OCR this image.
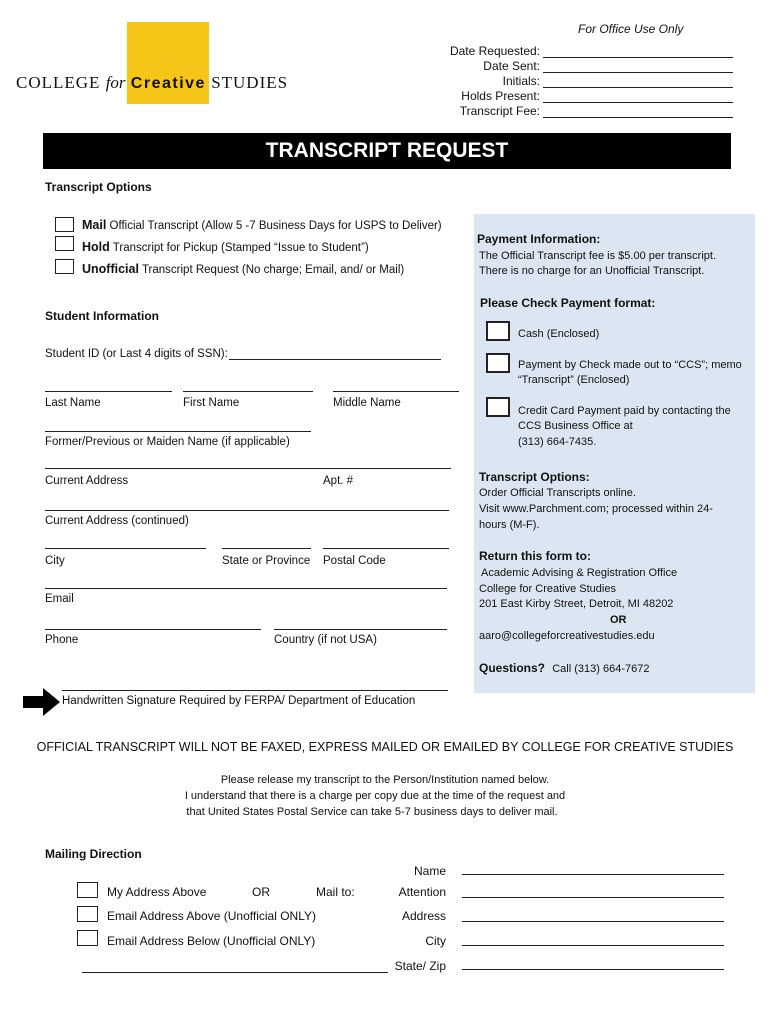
COLLEGE for Creative STUDIES
For Office Use Only
Date Requested:
Date Sent:
Initials:
Holds Present:
Transcript Fee:
TRANSCRIPT REQUEST
Transcript Options
Mail Official Transcript (Allow 5 -7 Business Days for USPS to Deliver)
Hold Transcript for Pickup (Stamped “Issue to Student”)
Unofficial Transcript Request (No charge; Email, and/ or Mail)
Student Information
Student ID (or Last 4 digits of SSN):
Last Name	First Name	Middle Name
Former/Previous or Maiden Name (if applicable)
Current Address	Apt. #
Current Address (continued)
City	State or Province Postal Code
Email
Phone	Country (if not USA)
Handwritten Signature Required by FERPA/ Department of Education
Payment Information:
The Official Transcript fee is $5.00 per transcript.
There is no charge for an Unofficial Transcript.
Please Check Payment format:
Cash (Enclosed)
Payment by Check made out to “CCS”; memo
“Transcript” (Enclosed)
Credit Card Payment paid by contacting the
CCS Business Office at
(313) 664-7435.
Transcript Options:
Order Official Transcripts online.
Visit www.Parchment.com; processed within 24-
hours (M-F).
Return this form to:
Academic Advising & Registration Office
College for Creative Studies
201 East Kirby Street, Detroit, MI 48202
OR
aaro@collegeforcreativestudies.edu
Questions? Call (313) 664-7672
OFFICIAL TRANSCRIPT WILL NOT BE FAXED, EXPRESS MAILED OR EMAILED BY COLLEGE FOR CREATIVE STUDIES
Please release my transcript to the Person/Institution named below.
I understand that there is a charge per copy due at the time of the request and
that United States Postal Service can take 5-7 business days to deliver mail.
Mailing Direction
My Address Above	OR	Mail to:
Email Address Above (Unofficial ONLY)
Email Address Below (Unofficial ONLY)
Name
Attention
Address
City
State/ Zip
